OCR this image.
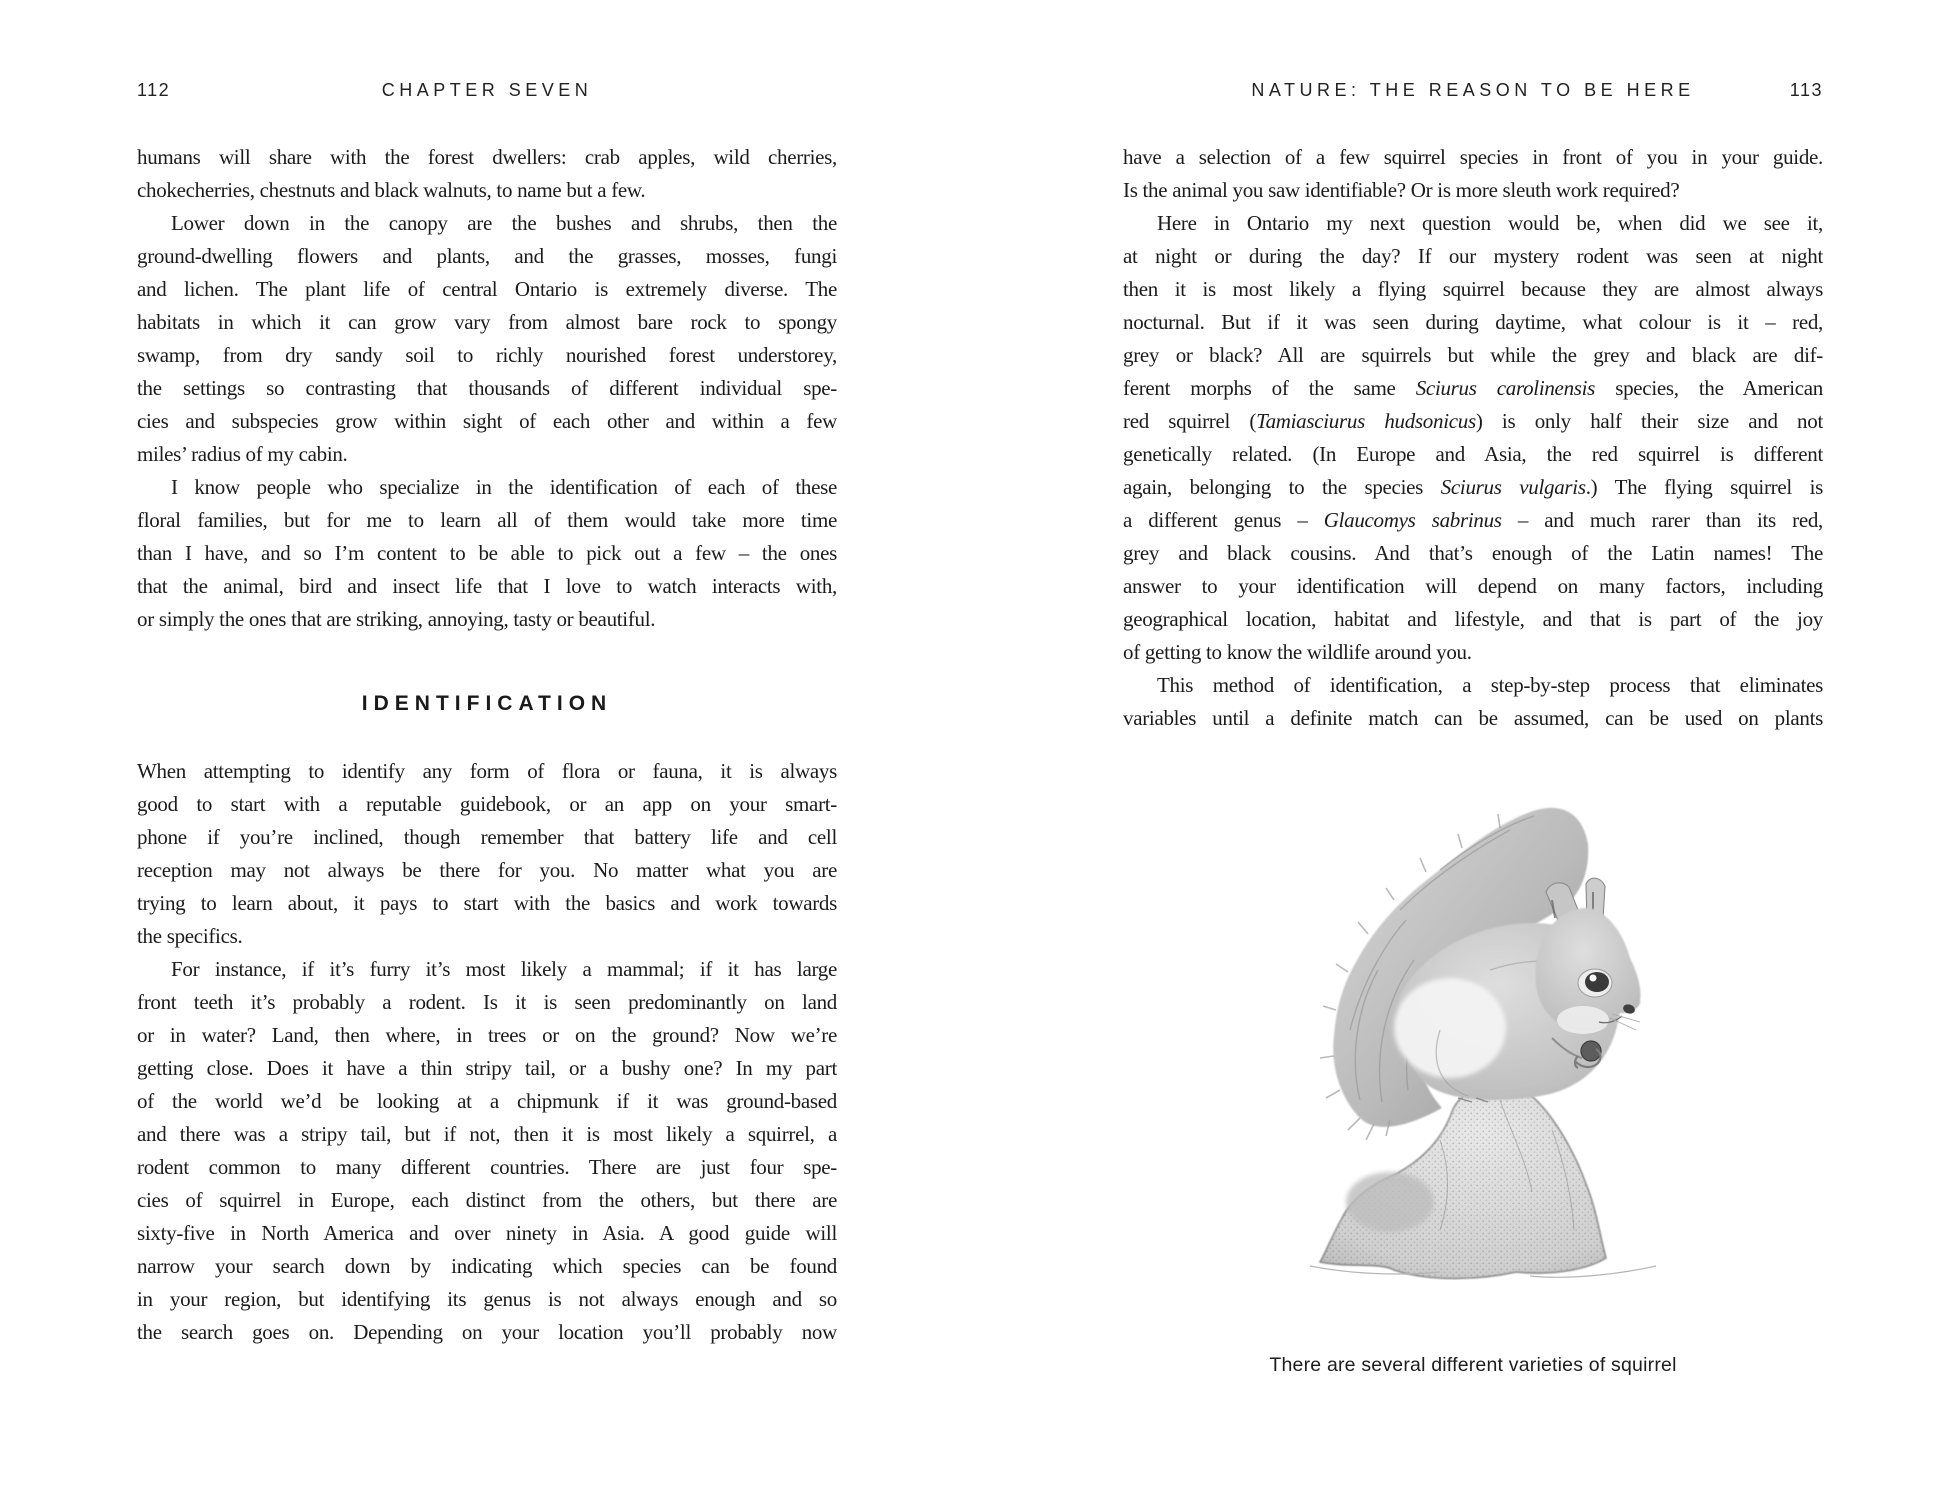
112	CHAPTER SEVEN
humans will share with the forest dwellers: crab apples, wild cherries,
chokecherries, chestnuts and black walnuts, to name but a few.
Lower down in the canopy are the bushes and shrubs, then the
ground-dwelling flowers and plants, and the grasses, mosses, fungi
and lichen. The plant life of central Ontario is extremely diverse. The
habitats in which it can grow vary from almost bare rock to spongy
swamp, from dry sandy soil to richly nourished forest understorey,
the settings so contrasting that thousands of different individual spe-
cies and subspecies grow within sight of each other and within a few
miles’ radius of my cabin.
I know people who specialize in the identification of each of these
floral families, but for me to learn all of them would take more time
than I have, and so I’m content to be able to pick out a few – the ones
that the animal, bird and insect life that I love to watch interacts with,
or simply the ones that are striking, annoying, tasty or beautiful.
IDENTIFICATION
When attempting to identify any form of flora or fauna, it is always
good to start with a reputable guidebook, or an app on your smart-
phone if you’re inclined, though remember that battery life and cell
reception may not always be there for you. No matter what you are
trying to learn about, it pays to start with the basics and work towards
the specifics.
For instance, if it’s furry it’s most likely a mammal; if it has large
front teeth it’s probably a rodent. Is it is seen predominantly on land
or in water? Land, then where, in trees or on the ground? Now we’re
getting close. Does it have a thin stripy tail, or a bushy one? In my part
of the world we’d be looking at a chipmunk if it was ground-based
and there was a stripy tail, but if not, then it is most likely a squirrel, a
rodent common to many different countries. There are just four spe-
cies of squirrel in Europe, each distinct from the others, but there are
sixty-five in North America and over ninety in Asia. A good guide will
narrow your search down by indicating which species can be found
in your region, but identifying its genus is not always enough and so
the search goes on. Depending on your location you’ll probably now
NATURE: THE REASON TO BE HERE	113
have a selection of a few squirrel species in front of you in your guide.
Is the animal you saw identifiable? Or is more sleuth work required?
Here in Ontario my next question would be, when did we see it,
at night or during the day? If our mystery rodent was seen at night
then it is most likely a flying squirrel because they are almost always
nocturnal. But if it was seen during daytime, what colour is it – red,
grey or black? All are squirrels but while the grey and black are dif-
ferent morphs of the same Sciurus carolinensis species, the American
red squirrel (Tamiasciurus hudsonicus) is only half their size and not
genetically related. (In Europe and Asia, the red squirrel is different
again, belonging to the species Sciurus vulgaris.) The flying squirrel is
a different genus – Glaucomys sabrinus – and much rarer than its red,
grey and black cousins. And that’s enough of the Latin names! The
answer to your identification will depend on many factors, including
geographical location, habitat and lifestyle, and that is part of the joy
of getting to know the wildlife around you.
This method of identification, a step-by-step process that eliminates
variables until a definite match can be assumed, can be used on plants
There are several different varieties of squirrel
